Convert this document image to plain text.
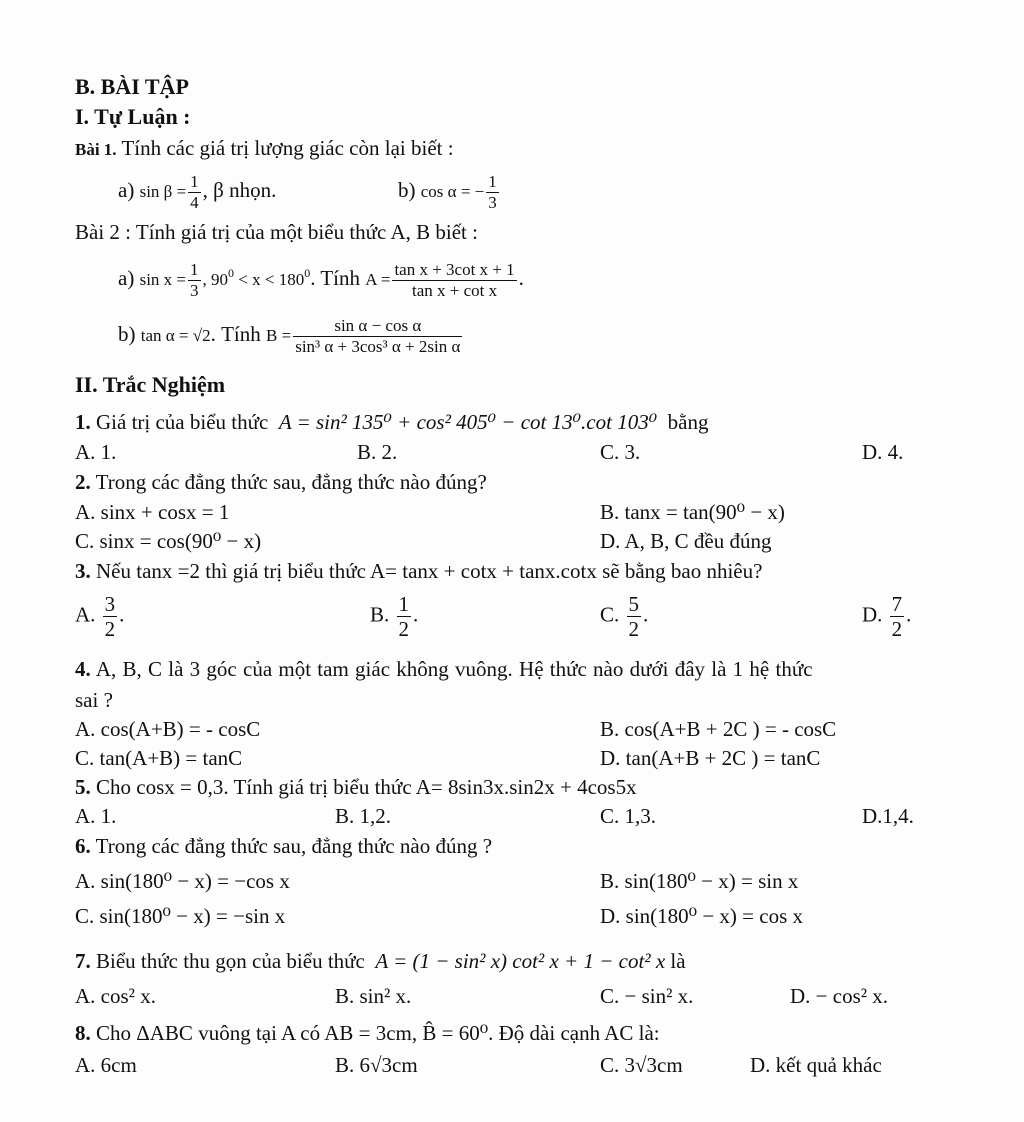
B. BÀI TẬP
I. Tự Luận :
Bài 1. Tính các giá trị lượng giác còn lại biết :
a) $\sin \beta = \frac{1}{4}$ , β nhọn.	b) cos α = − $\frac{1}{3}$
Bài 2 : Tính giá trị của một biểu thức A, B biết :
a) $\sin x = \frac{1}{3}$ , $90^0 < x < 180^0$. Tính $A = \frac{\text{tan x + 3cot x + 1}}{\text{tan x + cot x}}$ .
b) tan α = √2. Tính $B = \frac{\text{sin α − cos α}}{\text{sin³ α + 3cos³ α + 2sin α}}$
II. Trắc Nghiệm
1. Giá trị của biểu thức A = sin² 135⁰ + cos² 405⁰ − cot 13⁰.cot 103⁰ bằng
A. 1.	B. 2.	C. 3.	D. 4.
2. Trong các đẳng thức sau, đẳng thức nào đúng?
A. sinx + cosx = 1	B. tanx = tan(90⁰ − x)
C. sinx = cos(90⁰ − x)	D. A, B, C đều đúng
3. Nếu tanx =2 thì giá trị biểu thức A= tanx + cotx + tanx.cotx sẽ bằng bao nhiêu?
A. $\frac{3}{2}$ .	B. $\frac{1}{2}$ .	C. $\frac{5}{2}$ .	D. $\frac{7}{2}$ .
4. A, B, C là 3 góc của một tam giác không vuông. Hệ thức nào dưới đây là 1 hệ thức
sai ?
A. cos(A+B) = - cosC	B. cos(A+B + 2C ) = - cosC
C. tan(A+B) = tanC	D. tan(A+B + 2C ) = tanC
5. Cho cosx = 0,3. Tính giá trị biểu thức A= 8sin3x.sin2x + 4cos5x
A. 1.	B. 1,2.	C. 1,3.	D.1,4.
6. Trong các đẳng thức sau, đẳng thức nào đúng ?
A. sin(180⁰ − x) = −cos x	B. sin(180⁰ − x) = sin x
C. sin(180⁰ − x) = −sin x	D. sin(180⁰ − x) = cos x
7. Biểu thức thu gọn của biểu thức A = (1 − sin² x) cot² x + 1 − cot² x là
A. cos² x.	B. sin² x.	C. − sin² x.	D. − cos² x.
8. Cho ΔABC vuông tại A có AB = 3cm, B̂ = 60⁰. Độ dài cạnh AC là:
A. 6cm	B. 6√3cm	C. 3√3cm	D. kết quả khác
